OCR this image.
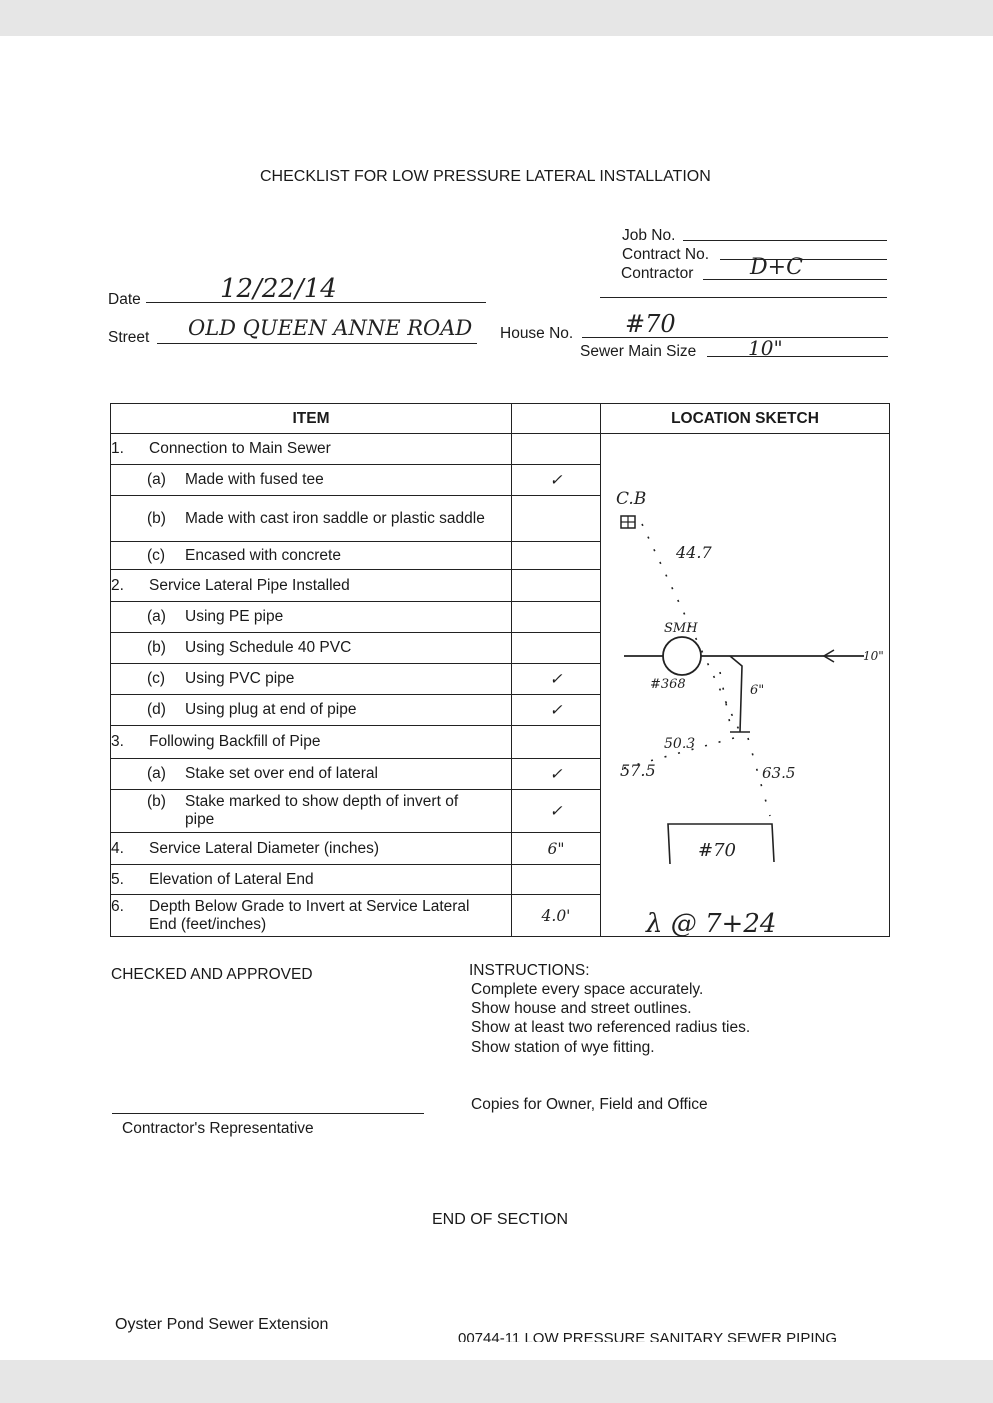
CHECKLIST FOR LOW PRESSURE LATERAL INSTALLATION
Job No.
Contract No.
Contractor	D+C
Date	12/22/14
Street OLD QUEEN ANNE ROAD House No. #70
Sewer Main Size	10"
ITEM		LOCATION SKETCH
1. Connection to Main Sewer		
(a) Made with fused tee	✓	
(b) Made with cast iron saddle or plastic saddle		
(c) Encased with concrete		
2. Service Lateral Pipe Installed		
(a) Using PE pipe		
(b) Using Schedule 40 PVC		
(c) Using PVC pipe	✓	
(d) Using plug at end of pipe	✓	
3. Following Backfill of Pipe		
(a) Stake set over end of lateral	✓	
(b) Stake marked to show depth of invert of pipe	✓	
4. Service Lateral Diameter (inches)	6"	
5. Elevation of Lateral End		
6. Depth Below Grade to Invert at Service Lateral End (feet/inches)	4.0'	
C.B
44.7
10"
SMH
#368	6"
50.3
57.5	63.5
#70
λ @ 7+24
CHECKED AND APPROVED	INSTRUCTIONS:
Complete every space accurately.
Show house and street outlines.
Show at least two referenced radius ties.
Show station of wye fitting.
Contractor's Representative
Copies for Owner, Field and Office
END OF SECTION
Oyster Pond Sewer Extension
00744-11 LOW PRESSURE SANITARY SEWER PIPING
